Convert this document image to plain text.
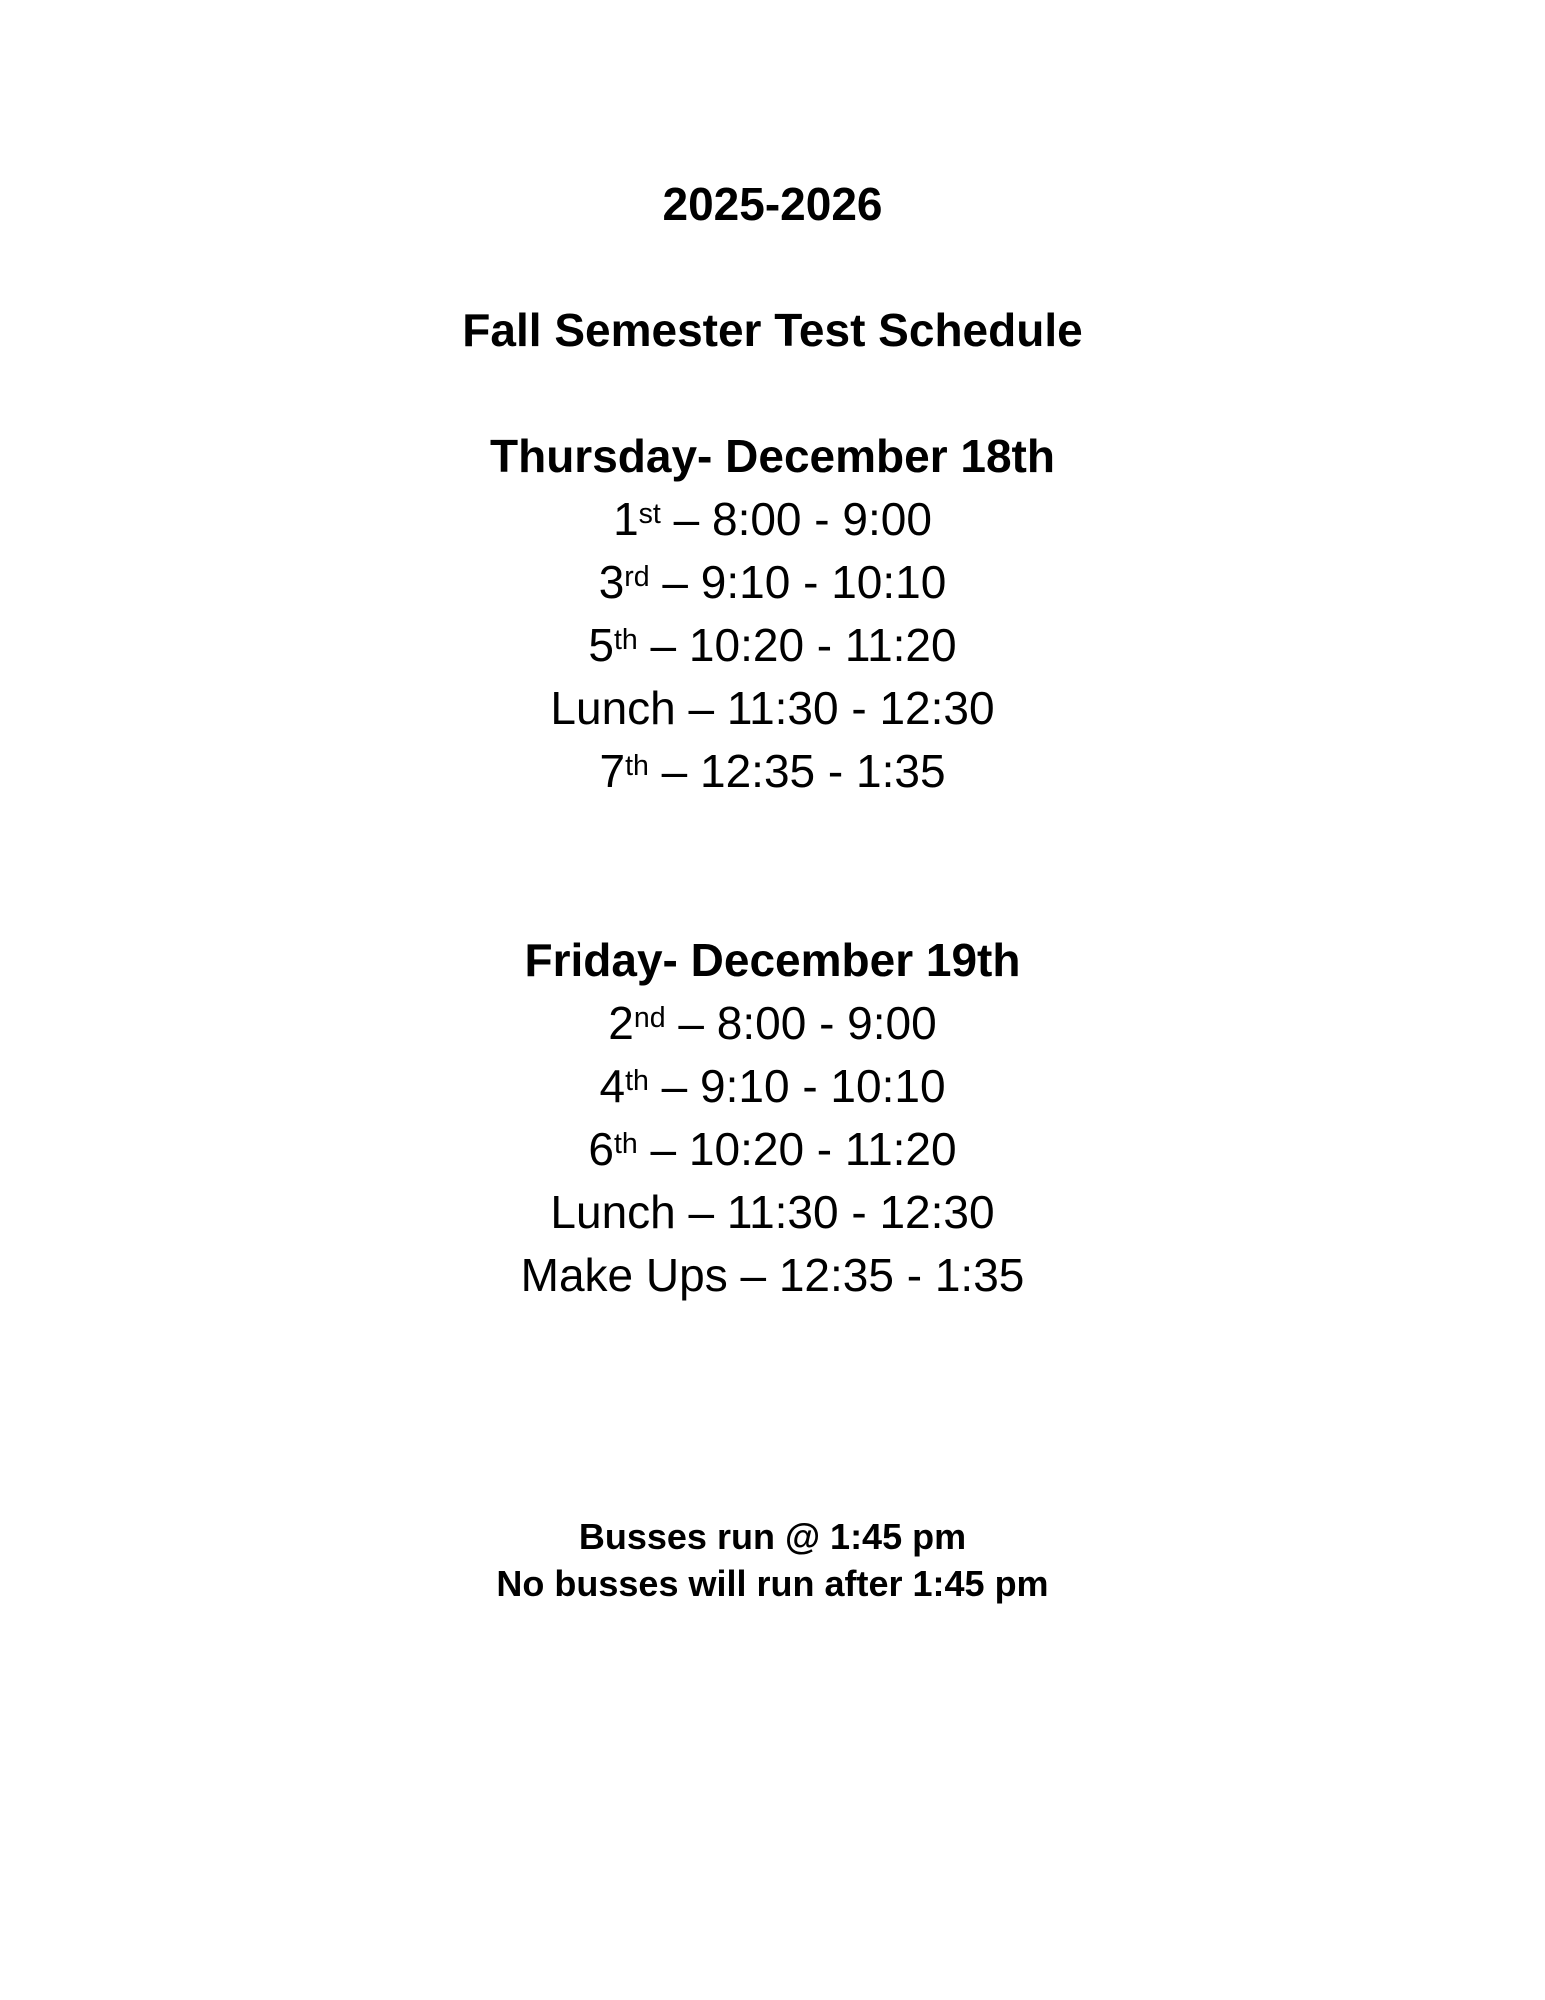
2025-2026
Fall Semester Test Schedule
Thursday- December 18th
1st – 8:00 - 9:00
3rd – 9:10 - 10:10
5th – 10:20 - 11:20
Lunch – 11:30 - 12:30
7th – 12:35 - 1:35
Friday- December 19th
2nd – 8:00 - 9:00
4th – 9:10 - 10:10
6th – 10:20 - 11:20
Lunch – 11:30 - 12:30
Make Ups – 12:35 - 1:35
Busses run @ 1:45 pm
No busses will run after 1:45 pm
